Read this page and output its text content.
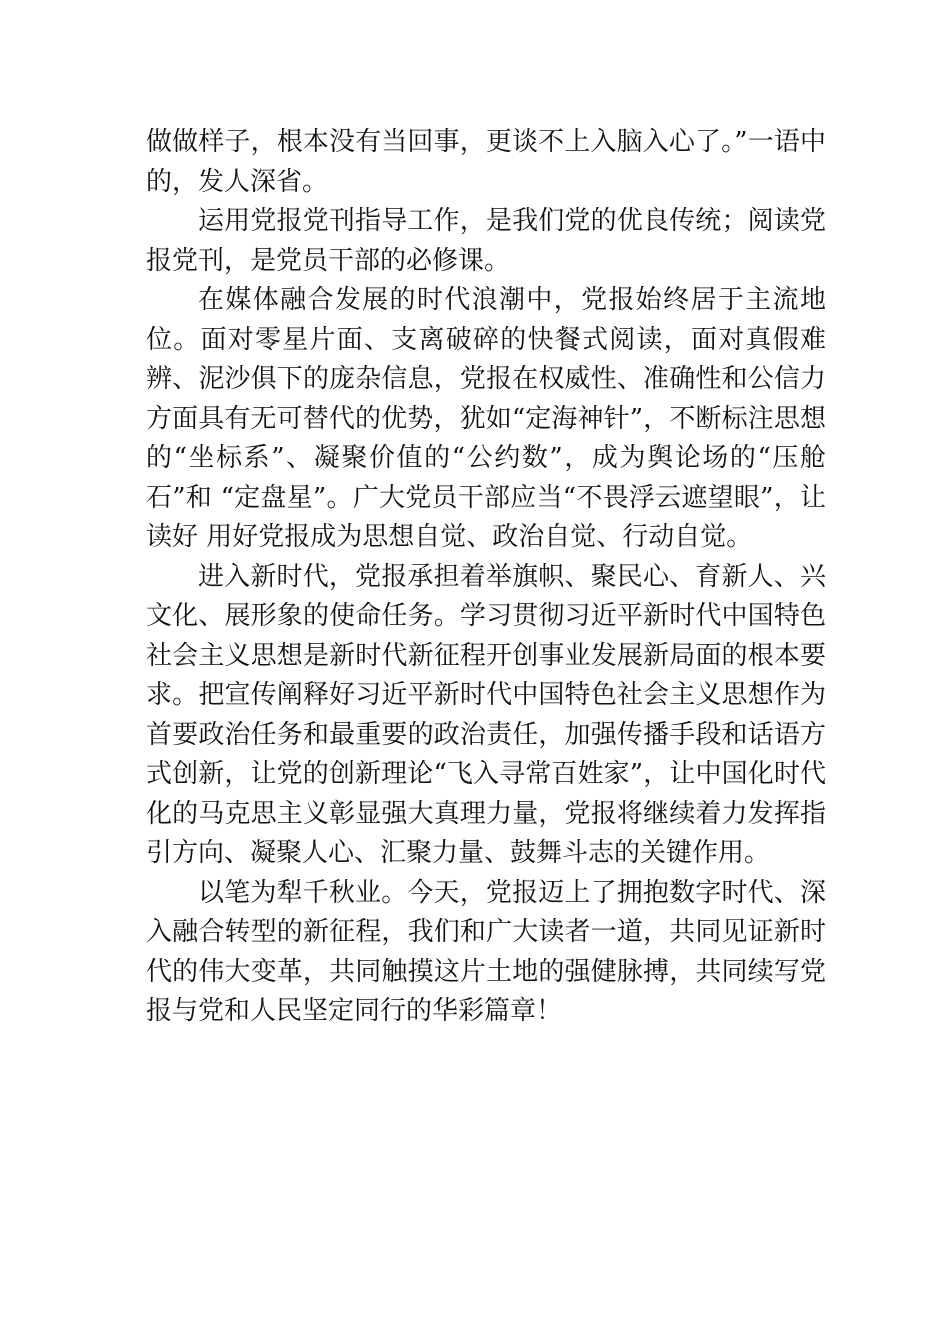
做做样子，根本没有当回事，更谈不上入脑入心了。”一语中的，发人深省。

运用党报党刊指导工作，是我们党的优良传统；阅读党报党刊，是党员干部的必修课。

在媒体融合发展的时代浪潮中，党报始终居于主流地位。面对零星片面、支离破碎的快餐式阅读，面对真假难辨、泥沙俱下的庞杂信息，党报在权威性、准确性和公信力方面具有无可替代的优势，犹如“定海神针”，不断标注思想的“坐标系”、凝聚价值的“公约数”，成为舆论场的“压舱石”和 “定盘星”。广大党员干部应当“不畏浮云遮望眼”，让读好 用好党报成为思想自觉、政治自觉、行动自觉。

进入新时代，党报承担着举旗帜、聚民心、育新人、兴文化、展形象的使命任务。学习贯彻习近平新时代中国特色社会主义思想是新时代新征程开创事业发展新局面的根本要求。把宣传阐释好习近平新时代中国特色社会主义思想作为首要政治任务和最重要的政治责任，加强传播手段和话语方式创新，让党的创新理论“飞入寻常百姓家”，让中国化时代化的马克思主义彰显强大真理力量，党报将继续着力发挥指引方向、凝聚人心、汇聚力量、鼓舞斗志的关键作用。

以笔为犁千秋业。今天，党报迈上了拥抱数字时代、深入融合转型的新征程，我们和广大读者一道，共同见证新时代的伟大变革，共同触摸这片土地的强健脉搏，共同续写党报与党和人民坚定同行的华彩篇章！
